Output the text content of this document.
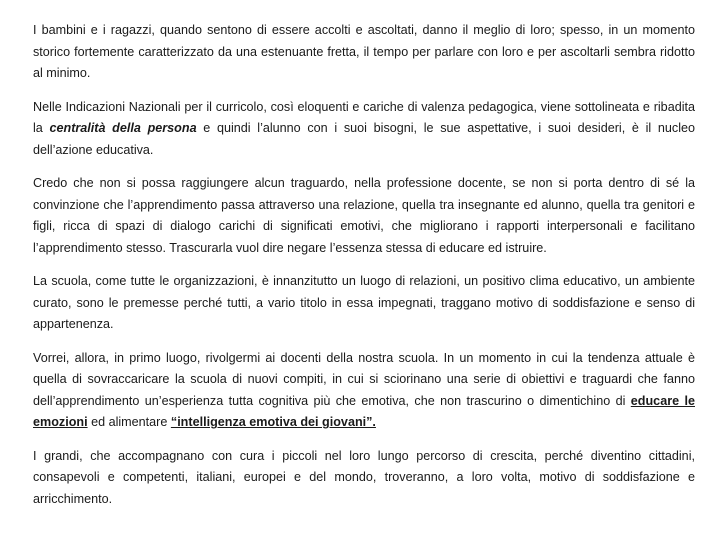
I bambini e i ragazzi, quando sentono di essere accolti e ascoltati, danno il meglio di loro; spesso, in un momento storico fortemente caratterizzato da una estenuante fretta, il tempo per parlare con loro e per ascoltarli sembra ridotto al minimo.

Nelle Indicazioni Nazionali per il curricolo, così eloquenti e cariche di valenza pedagogica, viene sottolineata e ribadita la centralità della persona e quindi l’alunno con i suoi bisogni, le sue aspettative, i suoi desideri, è il nucleo dell’azione educativa.

Credo che non si possa raggiungere alcun traguardo, nella professione docente, se non si porta dentro di sé la convinzione che l’apprendimento passa attraverso una relazione, quella tra insegnante ed alunno, quella tra genitori e figli, ricca di spazi di dialogo carichi di significati emotivi, che migliorano i rapporti interpersonali e facilitano l’apprendimento stesso. Trascurarla vuol dire negare l’essenza stessa di educare ed istruire.

La scuola, come tutte le organizzazioni, è innanzitutto un luogo di relazioni, un positivo clima educativo, un ambiente curato, sono le premesse perché tutti, a vario titolo in essa impegnati, traggano motivo di soddisfazione e senso di appartenenza.

Vorrei, allora, in primo luogo, rivolgermi ai docenti della nostra scuola. In un momento in cui la tendenza attuale è quella di sovraccaricare la scuola di nuovi compiti, in cui si sciorinano una serie di obiettivi e traguardi che fanno dell’apprendimento un’esperienza tutta cognitiva più che emotiva, che non trascurino o dimentichino di educare le emozioni ed alimentare “intelligenza emotiva dei giovani”.

I grandi, che accompagnano con cura i piccoli nel loro lungo percorso di crescita, perché diventino cittadini, consapevoli e competenti, italiani, europei e del mondo, troveranno, a loro volta, motivo di soddisfazione e arricchimento.
